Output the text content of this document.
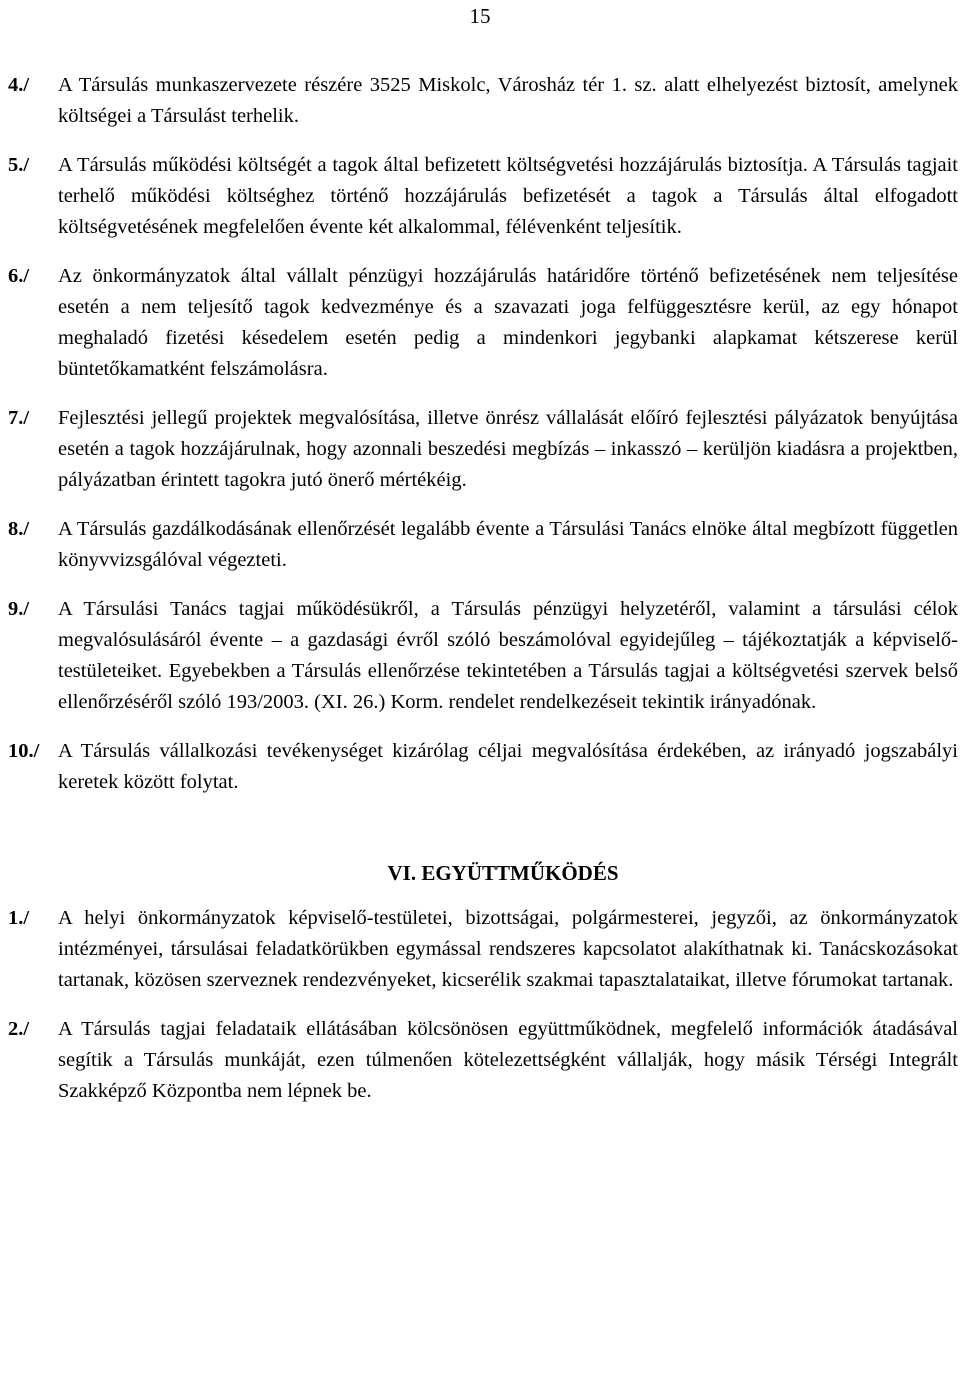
15
4./ A Társulás munkaszervezete részére 3525 Miskolc, Városház tér 1. sz. alatt elhelyezést biztosít, amelynek költségei a Társulást terhelik.
5./ A Társulás működési költségét a tagok által befizetett költségvetési hozzájárulás biztosítja. A Társulás tagjait terhelő működési költséghez történő hozzájárulás befizetését a tagok a Társulás által elfogadott költségvetésének megfelelően évente két alkalommal, félévenként teljesítik.
6./ Az önkormányzatok által vállalt pénzügyi hozzájárulás határidőre történő befizetésének nem teljesítése esetén a nem teljesítő tagok kedvezménye és a szavazati joga felfüggesztésre kerül, az egy hónapot meghaladó fizetési késedelem esetén pedig a mindenkori jegybanki alapkamat kétszerese kerül büntetőkamatként felszámolásra.
7./ Fejlesztési jellegű projektek megvalósítása, illetve önrész vállalását előíró fejlesztési pályázatok benyújtása esetén a tagok hozzájárulnak, hogy azonnali beszedési megbízás – inkasszó – kerüljön kiadásra a projektben, pályázatban érintett tagokra jutó önerő mértékéig.
8./ A Társulás gazdálkodásának ellenőrzését legalább évente a Társulási Tanács elnöke által megbízott független könyvvizsgálóval végezteti.
9./ A Társulási Tanács tagjai működésükről, a Társulás pénzügyi helyzetéről, valamint a társulási célok megvalósulásáról évente – a gazdasági évről szóló beszámolóval egyidejűleg – tájékoztatják a képviselő-testületeiket. Egyebekben a Társulás ellenőrzése tekintetében a Társulás tagjai a költségvetési szervek belső ellenőrzéséről szóló 193/2003. (XI. 26.) Korm. rendelet rendelkezéseit tekintik irányadónak.
10./ A Társulás vállalkozási tevékenységet kizárólag céljai megvalósítása érdekében, az irányadó jogszabályi keretek között folytat.
VI. EGYÜTTMŰKÖDÉS
1./ A helyi önkormányzatok képviselő-testületei, bizottságai, polgármesterei, jegyzői, az önkormányzatok intézményei, társulásai feladatkörükben egymással rendszeres kapcsolatot alakíthatnak ki. Tanácskozásokat tartanak, közösen szerveznek rendezvényeket, kicserélik szakmai tapasztalataikat, illetve fórumokat tartanak.
2./ A Társulás tagjai feladataik ellátásában kölcsönösen együttműködnek, megfelelő információk átadásával segítik a Társulás munkáját, ezen túlmenően kötelezettségként vállalják, hogy másik Térségi Integrált Szakképző Központba nem lépnek be.
